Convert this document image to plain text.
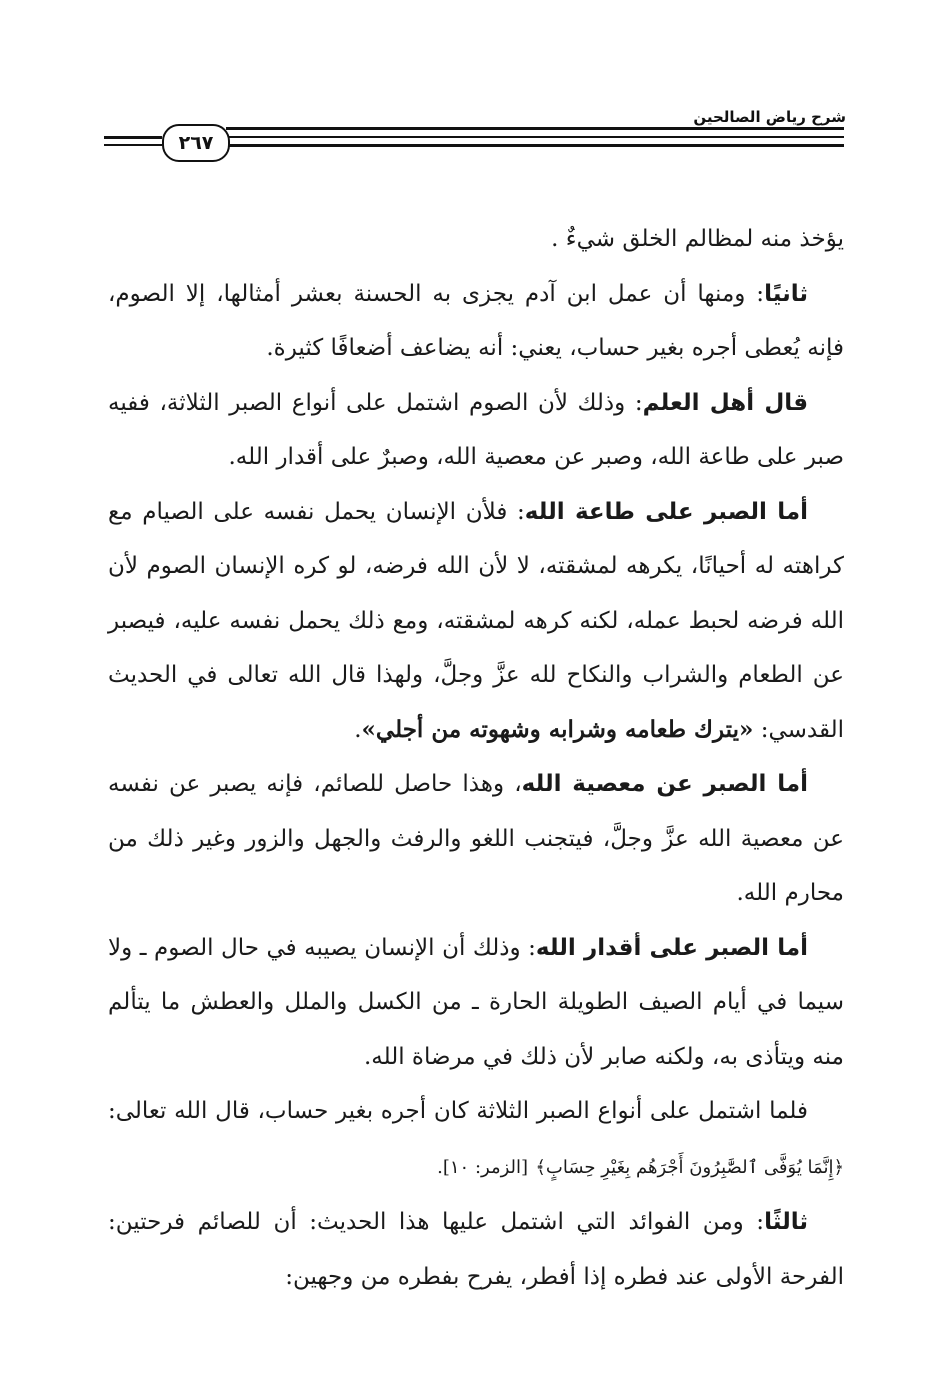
شرح رياض الصالحين
٢٦٧

يؤخذ منه لمظالم الخلق شيءٌ .

ثانيًا: ومنها أن عمل ابن آدم يجزى به الحسنة بعشر أمثالها، إلا الصوم، فإنه يُعطى أجره بغير حساب، يعني: أنه يضاعف أضعافًا كثيرة.

قال أهل العلم: وذلك لأن الصوم اشتمل على أنواع الصبر الثلاثة، ففيه صبر على طاعة الله، وصبر عن معصية الله، وصبرٌ على أقدار الله.

أما الصبر على طاعة الله: فلأن الإنسان يحمل نفسه على الصيام مع كراهته له أحيانًا، يكرهه لمشقته، لا لأن الله فرضه، لو كره الإنسان الصوم لأن الله فرضه لحبط عمله، لكنه كرهه لمشقته، ومع ذلك يحمل نفسه عليه، فيصبر عن الطعام والشراب والنكاح لله عزَّ وجلَّ، ولهذا قال الله تعالى في الحديث القدسي: «يترك طعامه وشرابه وشهوته من أجلي».

أما الصبر عن معصية الله، وهذا حاصل للصائم، فإنه يصبر عن نفسه عن معصية الله عزَّ وجلَّ، فيتجنب اللغو والرفث والجهل والزور وغير ذلك من محارم الله.

أما الصبر على أقدار الله: وذلك أن الإنسان يصيبه في حال الصوم ـ ولا سيما في أيام الصيف الطويلة الحارة ـ من الكسل والملل والعطش ما يتألم منه ويتأذى به، ولكنه صابر لأن ذلك في مرضاة الله.

فلما اشتمل على أنواع الصبر الثلاثة كان أجره بغير حساب، قال الله تعالى: ﴿إِنَّمَا يُوَفَّى ٱلصَّٰبِرُونَ أَجْرَهُم بِغَيْرِ حِسَابٍ﴾ [الزمر: ١٠].

ثالثًا: ومن الفوائد التي اشتمل عليها هذا الحديث: أن للصائم فرحتين: الفرحة الأولى عند فطره إذا أفطر، يفرح بفطره من وجهين:
